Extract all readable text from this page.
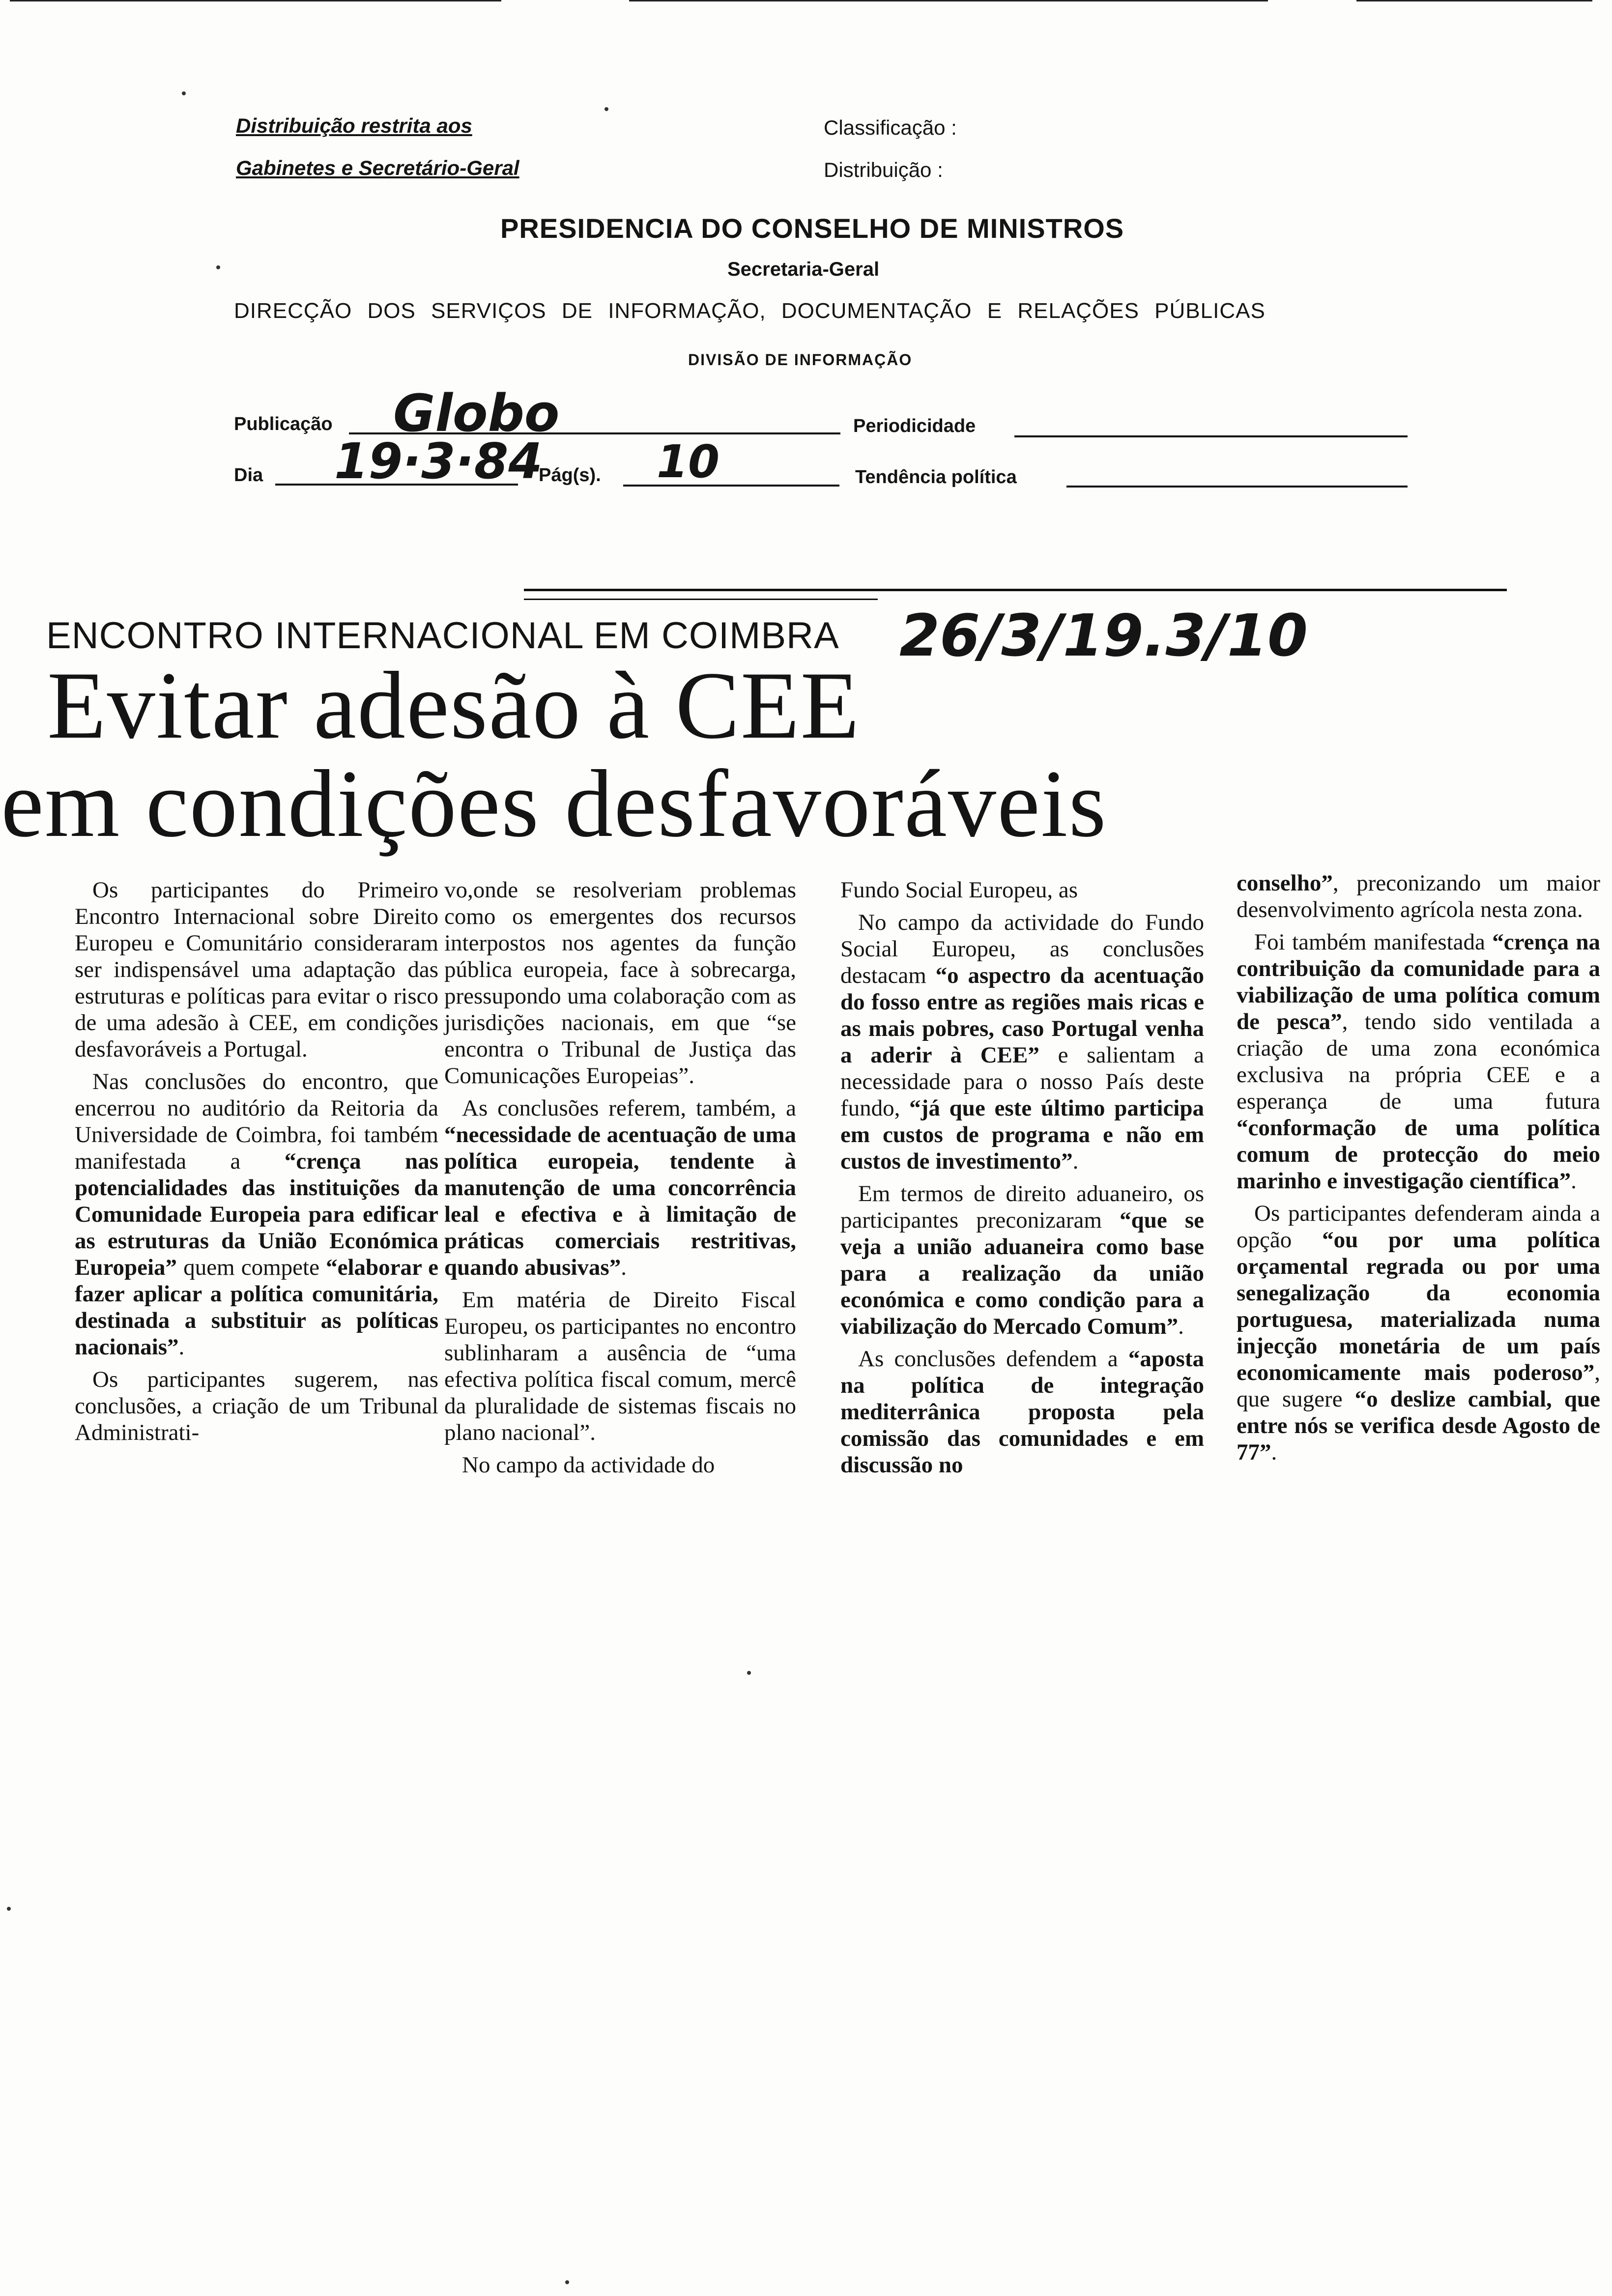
Distribuição restrita aos
Gabinetes e Secretário-Geral
Classificação :
Distribuição :
PRESIDENCIA DO CONSELHO DE MINISTROS
Secretaria-Geral
DIRECÇÃO DOS SERVIÇOS DE INFORMAÇÃO, DOCUMENTAÇÃO E RELAÇÕES PÚBLICAS
DIVISÃO DE INFORMAÇÃO
Publicação Globo	Periodicidade
Dia 19·3·84
Pág(s). 10	Tendência política
ENCONTRO INTERNACIONAL EM COIMBRA 26/3/19.3/10
Evitar adesão à CEE
em condições desfavoráveis

Os participantes do Primeiro Encontro Internacional sobre Direito Europeu e Comunitário consideraram ser indispensável uma adaptação das estruturas e políticas para evitar o risco de uma adesão à CEE, em condições desfavoráveis a Portugal.

Nas conclusões do encontro, que encerrou no auditório da Reitoria da Universidade de Coimbra, foi também manifestada a “crença nas potencialidades das instituições da Comunidade Europeia para edificar as estruturas da União Económica Europeia” quem compete “elaborar e fazer aplicar a política comunitária, destinada a substituir as políticas nacionais”.

Os participantes sugerem, nas conclusões, a criação de um Tribunal Administrati-

vo,onde se resolveriam problemas como os emergentes dos recursos interpostos nos agentes da função pública europeia, face à sobrecarga, pressupondo uma colaboração com as jurisdições nacionais, em que “se encontra o Tribunal de Justiça das Comunicações Europeias”.

As conclusões referem, também, a “necessidade de acentuação de uma política europeia, tendente à manutenção de uma concorrência leal e efectiva e à limitação de práticas comerciais restritivas, quando abusivas”.

Em matéria de Direito Fiscal Europeu, os participantes no encontro sublinharam a ausência de “uma efectiva política fiscal comum, mercê da pluralidade de sistemas fiscais no plano nacional”.

No campo da actividade do

Fundo Social Europeu, as

No campo da actividade do Fundo Social Europeu, as conclusões destacam “o aspectro da acentuação do fosso entre as regiões mais ricas e as mais pobres, caso Portugal venha a aderir à CEE” e salientam a necessidade para o nosso País deste fundo, “já que este último participa em custos de programa e não em custos de investimento”.

Em termos de direito aduaneiro, os participantes preconizaram “que se veja a união aduaneira como base para a realização da união económica e como condição para a viabilização do Mercado Comum”.

As conclusões defendem a “aposta na política de integração mediterrânica proposta pela comissão das comunidades e em discussão no

conselho”, preconizando um maior desenvolvimento agrícola nesta zona.

Foi também manifestada “crença na contribuição da comunidade para a viabilização de uma política comum de pesca”, tendo sido ventilada a criação de uma zona económica exclusiva na própria CEE e a esperança de uma futura “conformação de uma política comum de protecção do meio marinho e investigação científica”.

Os participantes defenderam ainda a opção “ou por uma política orçamental regrada ou por uma senegalização da economia portuguesa, materializada numa injecção monetária de um país economicamente mais poderoso”, que sugere “o deslize cambial, que entre nós se verifica desde Agosto de 77”.
